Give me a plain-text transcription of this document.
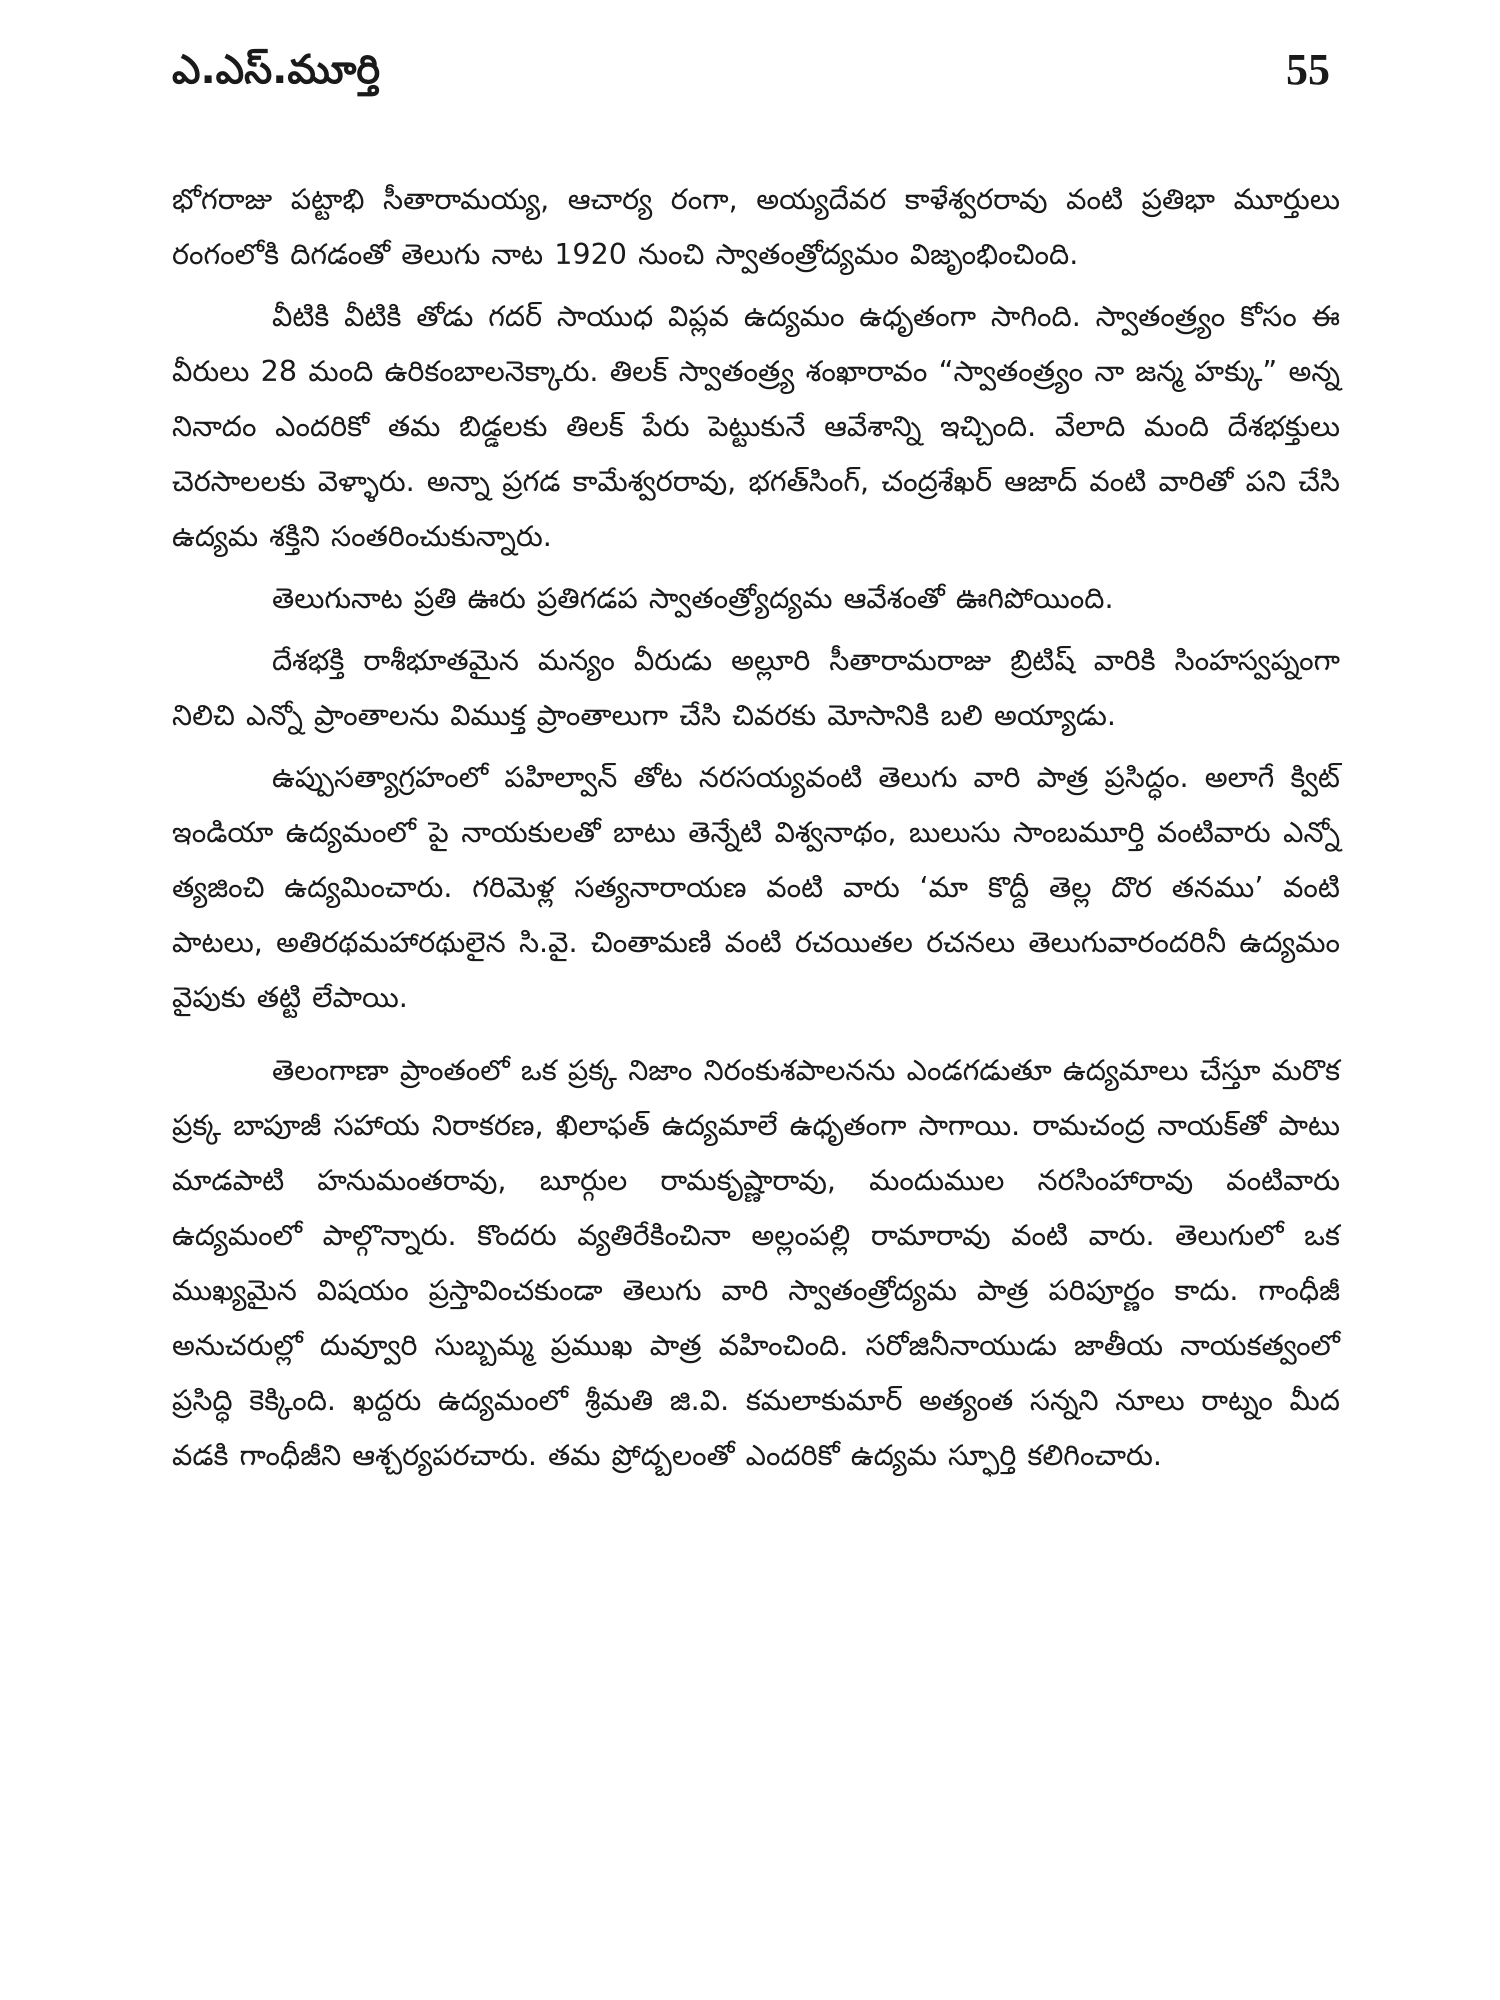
ఎ.ఎస్.మూర్తి	55

భోగరాజు పట్టాభి సీతారామయ్య, ఆచార్య రంగా, అయ్యదేవర కాళేశ్వరరావు వంటి ప్రతిభా మూర్తులు రంగంలోకి దిగడంతో తెలుగు నాట 1920 నుంచి స్వాతంత్రోద్యమం విజృంభించింది.

వీటికి వీటికి తోడు గదర్ సాయుధ విప్లవ ఉద్యమం ఉధృతంగా సాగింది. స్వాతంత్ర్యం కోసం ఈ వీరులు 28 మంది ఉరికంబాలనెక్కారు. తిలక్ స్వాతంత్ర్య శంఖారావం “స్వాతంత్ర్యం నా జన్మ హక్కు” అన్న నినాదం ఎందరికో తమ బిడ్డలకు తిలక్ పేరు పెట్టుకునే ఆవేశాన్ని ఇచ్చింది. వేలాది మంది దేశభక్తులు చెరసాలలకు వెళ్ళారు. అన్నా ప్రగడ కామేశ్వరరావు, భగత్‌సింగ్, చంద్రశేఖర్ ఆజాద్ వంటి వారితో పని చేసి ఉద్యమ శక్తిని సంతరించుకున్నారు.

తెలుగునాట ప్రతి ఊరు ప్రతిగడప స్వాతంత్ర్యోద్యమ ఆవేశంతో ఊగిపోయింది.

దేశభక్తి రాశీభూతమైన మన్యం వీరుడు అల్లూరి సీతారామరాజు బ్రిటిష్ వారికి సింహస్వప్నంగా నిలిచి ఎన్నో ప్రాంతాలను విముక్త ప్రాంతాలుగా చేసి చివరకు మోసానికి బలి అయ్యాడు.

ఉప్పుసత్యాగ్రహంలో పహిల్వాన్ తోట నరసయ్యవంటి తెలుగు వారి పాత్ర ప్రసిద్ధం. అలాగే క్విట్ ఇండియా ఉద్యమంలో పై నాయకులతో బాటు తెన్నేటి విశ్వనాథం, బులుసు సాంబమూర్తి వంటివారు ఎన్నో త్యజించి ఉద్యమించారు. గరిమెళ్ల సత్యనారాయణ వంటి వారు ‘మా కొద్దీ తెల్ల దొర తనము’ వంటి పాటలు, అతిరథమహారథులైన సి.వై. చింతామణి వంటి రచయితల రచనలు తెలుగువారందరినీ ఉద్యమం వైపుకు తట్టి లేపాయి.

తెలంగాణా ప్రాంతంలో ఒక ప్రక్క నిజాం నిరంకుశపాలనను ఎండగడుతూ ఉద్యమాలు చేస్తూ మరొక ప్రక్క బాపూజీ సహాయ నిరాకరణ, ఖిలాఫత్ ఉద్యమాలే ఉధృతంగా సాగాయి. రామచంద్ర నాయక్‌తో పాటు మాడపాటి హనుమంతరావు, బూర్గుల రామకృష్ణారావు, మందుముల నరసింహారావు వంటివారు ఉద్యమంలో పాల్గొన్నారు. కొందరు వ్యతిరేకించినా అల్లంపల్లి రామారావు వంటి వారు. తెలుగులో ఒక ముఖ్యమైన విషయం ప్రస్తావించకుండా తెలుగు వారి స్వాతంత్రోద్యమ పాత్ర పరిపూర్ణం కాదు. గాంధీజీ అనుచరుల్లో దువ్వూరి సుబ్బమ్మ ప్రముఖ పాత్ర వహించింది. సరోజినీనాయుడు జాతీయ నాయకత్వంలో ప్రసిద్ధి కెక్కింది. ఖద్దరు ఉద్యమంలో శ్రీమతి జి.వి. కమలాకుమార్ అత్యంత సన్నని నూలు రాట్నం మీద వడకి గాంధీజీని ఆశ్చర్యపరచారు. తమ ప్రోద్బలంతో ఎందరికో ఉద్యమ స్ఫూర్తి కలిగించారు.
